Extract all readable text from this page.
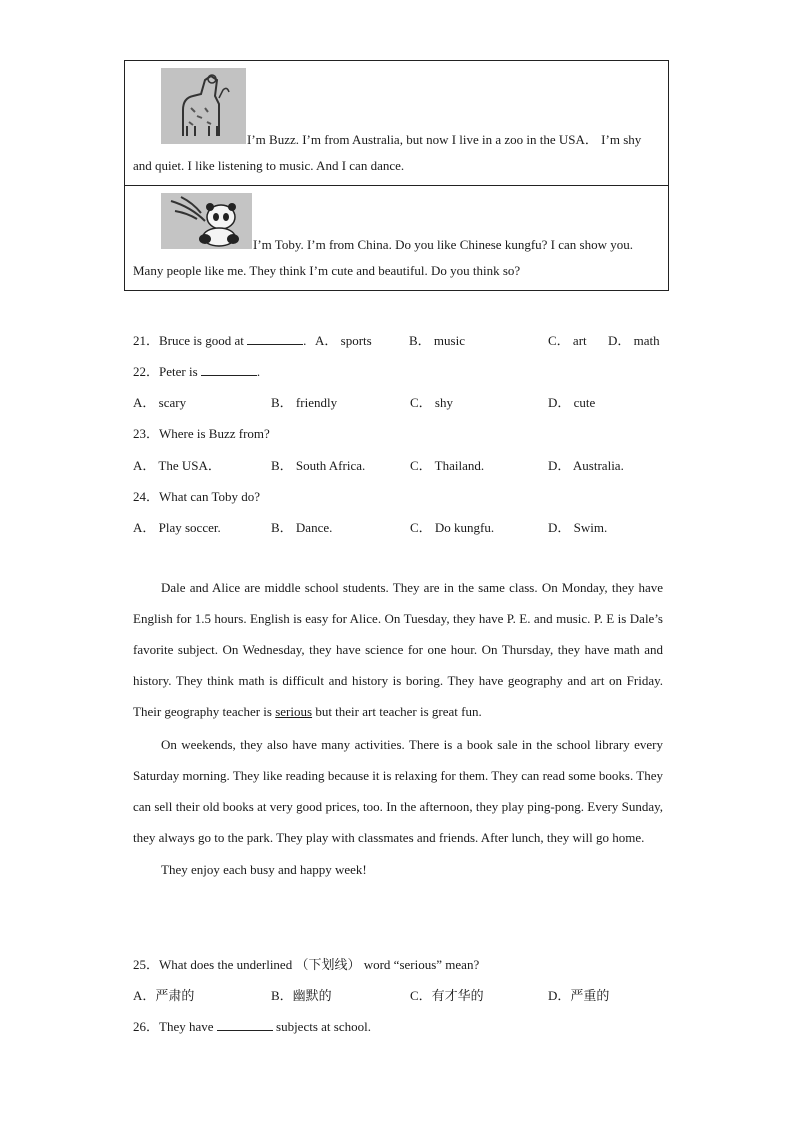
I’m Buzz. I’m from Australia, but now I live in a zoo in the USA． I’m shy and quiet. I like listening to music. And I can dance.
I’m Toby. I’m from China. Do you like Chinese kungfu? I can show you. Many people like me. They think I’m cute and beautiful. Do you think so?
21．Bruce is good at	. A． sports	B． music	C． art D． math
22．Peter is	.
A． scary	B． friendly	C． shy	D． cute
23．Where is Buzz from?
A． The USA．	B． South Africa.	C． Thailand.	D． Australia.
24．What can Toby do?
A． Play soccer.	B． Dance.	C． Do kungfu.	D． Swim.

Dale and Alice are middle school students. They are in the same class. On Monday, they have English for 1.5 hours. English is easy for Alice. On Tuesday, they have P. E. and music. P. E is Dale’s favorite subject. On Wednesday, they have science for one hour. On Thursday, they have math and history. They think math is difficult and history is boring. They have geography and art on Friday. Their geography teacher is serious but their art teacher is great fun.

On weekends, they also have many activities. There is a book sale in the school library every Saturday morning. They like reading because it is relaxing for them. They can read some books. They can sell their old books at very good prices, too. In the afternoon, they play ping-pong. Every Sunday, they always go to the park. They play with classmates and friends. After lunch, they will go home.

They enjoy each busy and happy week!

25．What does the underlined （下划线） word “serious” mean?
A．严肃的	B．幽默的	C．有才华的	D．严重的
26．They have	subjects at school.
